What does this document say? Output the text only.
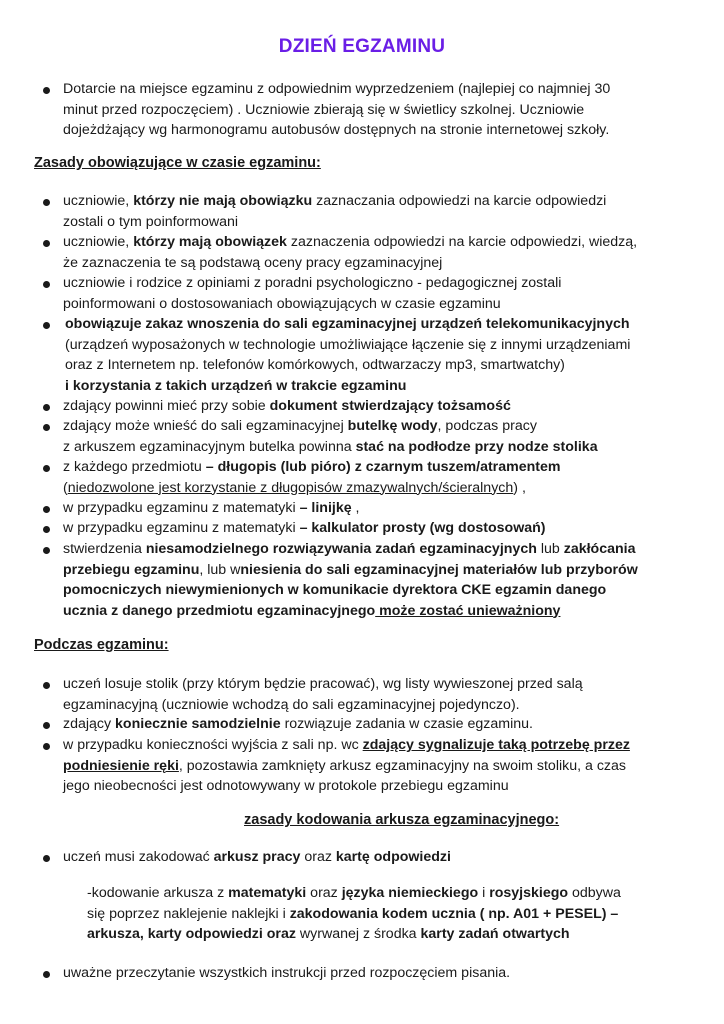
DZIEŃ EGZAMINU
Dotarcie na miejsce egzaminu z odpowiednim wyprzedzeniem (najlepiej co najmniej 30
minut przed rozpoczęciem) . Uczniowie zbierają się w świetlicy szkolnej. Uczniowie
dojeżdżający wg harmonogramu autobusów dostępnych na stronie internetowej szkoły.
Zasady obowiązujące w czasie egzaminu:
uczniowie, którzy nie mają obowiązku zaznaczania odpowiedzi na karcie odpowiedzi
zostali o tym poinformowani
uczniowie, którzy mają obowiązek zaznaczenia odpowiedzi na karcie odpowiedzi, wiedzą,
że zaznaczenia te są podstawą oceny pracy egzaminacyjnej
uczniowie i rodzice z opiniami z poradni psychologiczno - pedagogicznej zostali
poinformowani o dostosowaniach obowiązujących w czasie egzaminu
obowiązuje zakaz wnoszenia do sali egzaminacyjnej urządzeń telekomunikacyjnych
(urządzeń wyposażonych w technologie umożliwiające łączenie się z innymi urządzeniami
oraz z Internetem np. telefonów komórkowych, odtwarzaczy mp3, smartwatchy)
i korzystania z takich urządzeń w trakcie egzaminu
zdający powinni mieć przy sobie dokument stwierdzający tożsamość
zdający może wnieść do sali egzaminacyjnej butelkę wody, podczas pracy
z arkuszem egzaminacyjnym butelka powinna stać na podłodze przy nodze stolika
z każdego przedmiotu – długopis (lub pióro) z czarnym tuszem/atramentem
(niedozwolone jest korzystanie z długopisów zmazywalnych/ścieralnych) ,
w przypadku egzaminu z matematyki – linijkę ,
w przypadku egzaminu z matematyki – kalkulator prosty (wg dostosowań)
stwierdzenia niesamodzielnego rozwiązywania zadań egzaminacyjnych lub zakłócania
przebiegu egzaminu, lub wniesienia do sali egzaminacyjnej materiałów lub przyborów
pomocniczych niewymienionych w komunikacie dyrektora CKE egzamin danego
ucznia z danego przedmiotu egzaminacyjnego może zostać unieważniony
Podczas egzaminu:
uczeń losuje stolik (przy którym będzie pracować), wg listy wywieszonej przed salą
egzaminacyjną (uczniowie wchodzą do sali egzaminacyjnej pojedynczo).
zdający koniecznie samodzielnie rozwiązuje zadania w czasie egzaminu.
w przypadku konieczności wyjścia z sali np. wc zdający sygnalizuje taką potrzebę przez
podniesienie ręki, pozostawia zamknięty arkusz egzaminacyjny na swoim stoliku, a czas
jego nieobecności jest odnotowywany w protokole przebiegu egzaminu
zasady kodowania arkusza egzaminacyjnego:
uczeń musi zakodować arkusz pracy oraz kartę odpowiedzi
-kodowanie arkusza z matematyki oraz języka niemieckiego i rosyjskiego odbywa
się poprzez naklejenie naklejki i zakodowania kodem ucznia ( np. A01 + PESEL) –
arkusza, karty odpowiedzi oraz wyrwanej z środka karty zadań otwartych
uważne przeczytanie wszystkich instrukcji przed rozpoczęciem pisania.
